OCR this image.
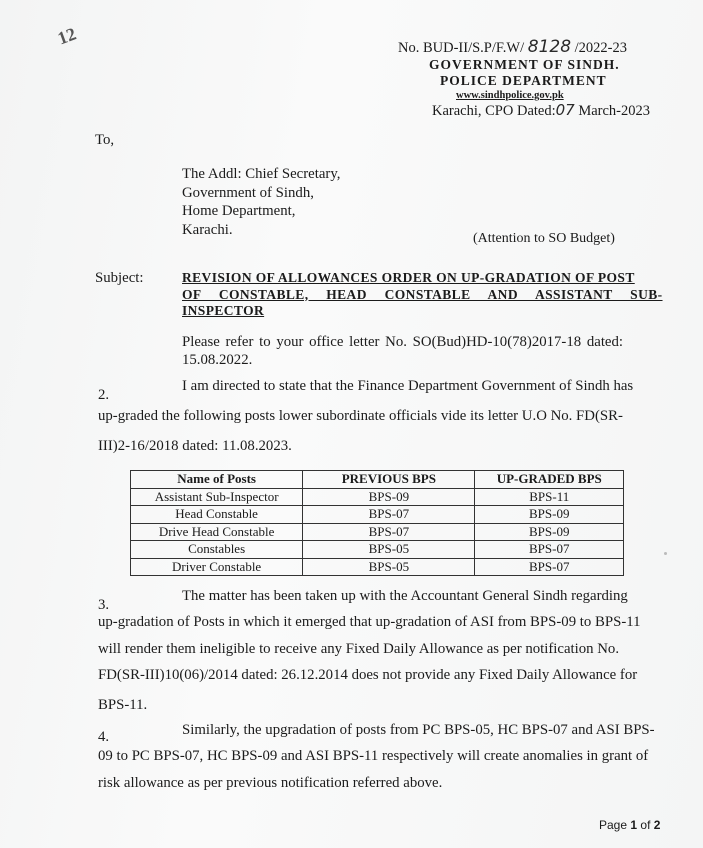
12	No. BUD-II/S.P/F.W/ 8128 /2022-23
GOVERNMENT OF SINDH.
POLICE DEPARTMENT
www.sindhpolice.gov.pk
Karachi, CPO Dated:07 March-2023
To,
The Addl: Chief Secretary,
Government of Sindh,
Home Department,
Karachi.
(Attention to SO Budget)
Subject:	REVISION OF ALLOWANCES ORDER ON UP-GRADATION OF POST
OF CONSTABLE, HEAD CONSTABLE AND ASSISTANT SUB-
INSPECTOR
Please refer to your office letter No. SO(Bud)HD-10(78)2017-18 dated:
15.08.2022.
2.
I am directed to state that the Finance Department Government of Sindh has
up-graded the following posts lower subordinate officials vide its letter U.O No. FD(SR-
III)2-16/2018 dated: 11.08.2023.
Name of Posts	PREVIOUS BPS	UP-GRADED BPS
Assistant Sub-Inspector	BPS-09	BPS-11
Head Constable	BPS-07	BPS-09
Drive Head Constable	BPS-07	BPS-09
Constables	BPS-05	BPS-07
Driver Constable	BPS-05	BPS-07
3.
The matter has been taken up with the Accountant General Sindh regarding
up-gradation of Posts in which it emerged that up-gradation of ASI from BPS-09 to BPS-11
will render them ineligible to receive any Fixed Daily Allowance as per notification No.
FD(SR-III)10(06)/2014 dated: 26.12.2014 does not provide any Fixed Daily Allowance for
BPS-11.
4.	Similarly, the upgradation of posts from PC BPS-05, HC BPS-07 and ASI BPS-
09 to PC BPS-07, HC BPS-09 and ASI BPS-11 respectively will create anomalies in grant of
risk allowance as per previous notification referred above.
Page 1 of 2
